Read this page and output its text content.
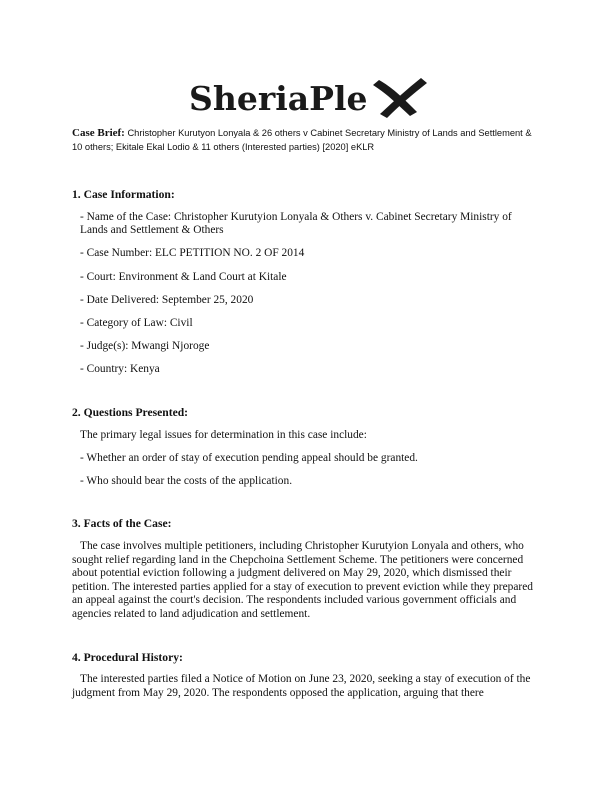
SheriaPle
Case Brief: Christopher Kurutyon Lonyala & 26 others v Cabinet Secretary Ministry of Lands and Settlement & 10 others; Ekitale Ekal Lodio & 11 others (Interested parties) [2020] eKLR
1. Case Information:

- Name of the Case: Christopher Kurutyion Lonyala & Others v. Cabinet Secretary Ministry of Lands and Settlement & Others

- Case Number: ELC PETITION NO. 2 OF 2014

- Court: Environment & Land Court at Kitale

- Date Delivered: September 25, 2020

- Category of Law: Civil

- Judge(s): Mwangi Njoroge

- Country: Kenya

2. Questions Presented:

The primary legal issues for determination in this case include:

- Whether an order of stay of execution pending appeal should be granted.

- Who should bear the costs of the application.

3. Facts of the Case:

The case involves multiple petitioners, including Christopher Kurutyion Lonyala and others, who sought relief regarding land in the Chepchoina Settlement Scheme. The petitioners were concerned about potential eviction following a judgment delivered on May 29, 2020, which dismissed their petition. The interested parties applied for a stay of execution to prevent eviction while they prepared an appeal against the court's decision. The respondents included various government officials and agencies related to land adjudication and settlement.

4. Procedural History:

The interested parties filed a Notice of Motion on June 23, 2020, seeking a stay of execution of the judgment from May 29, 2020. The respondents opposed the application, arguing that there
